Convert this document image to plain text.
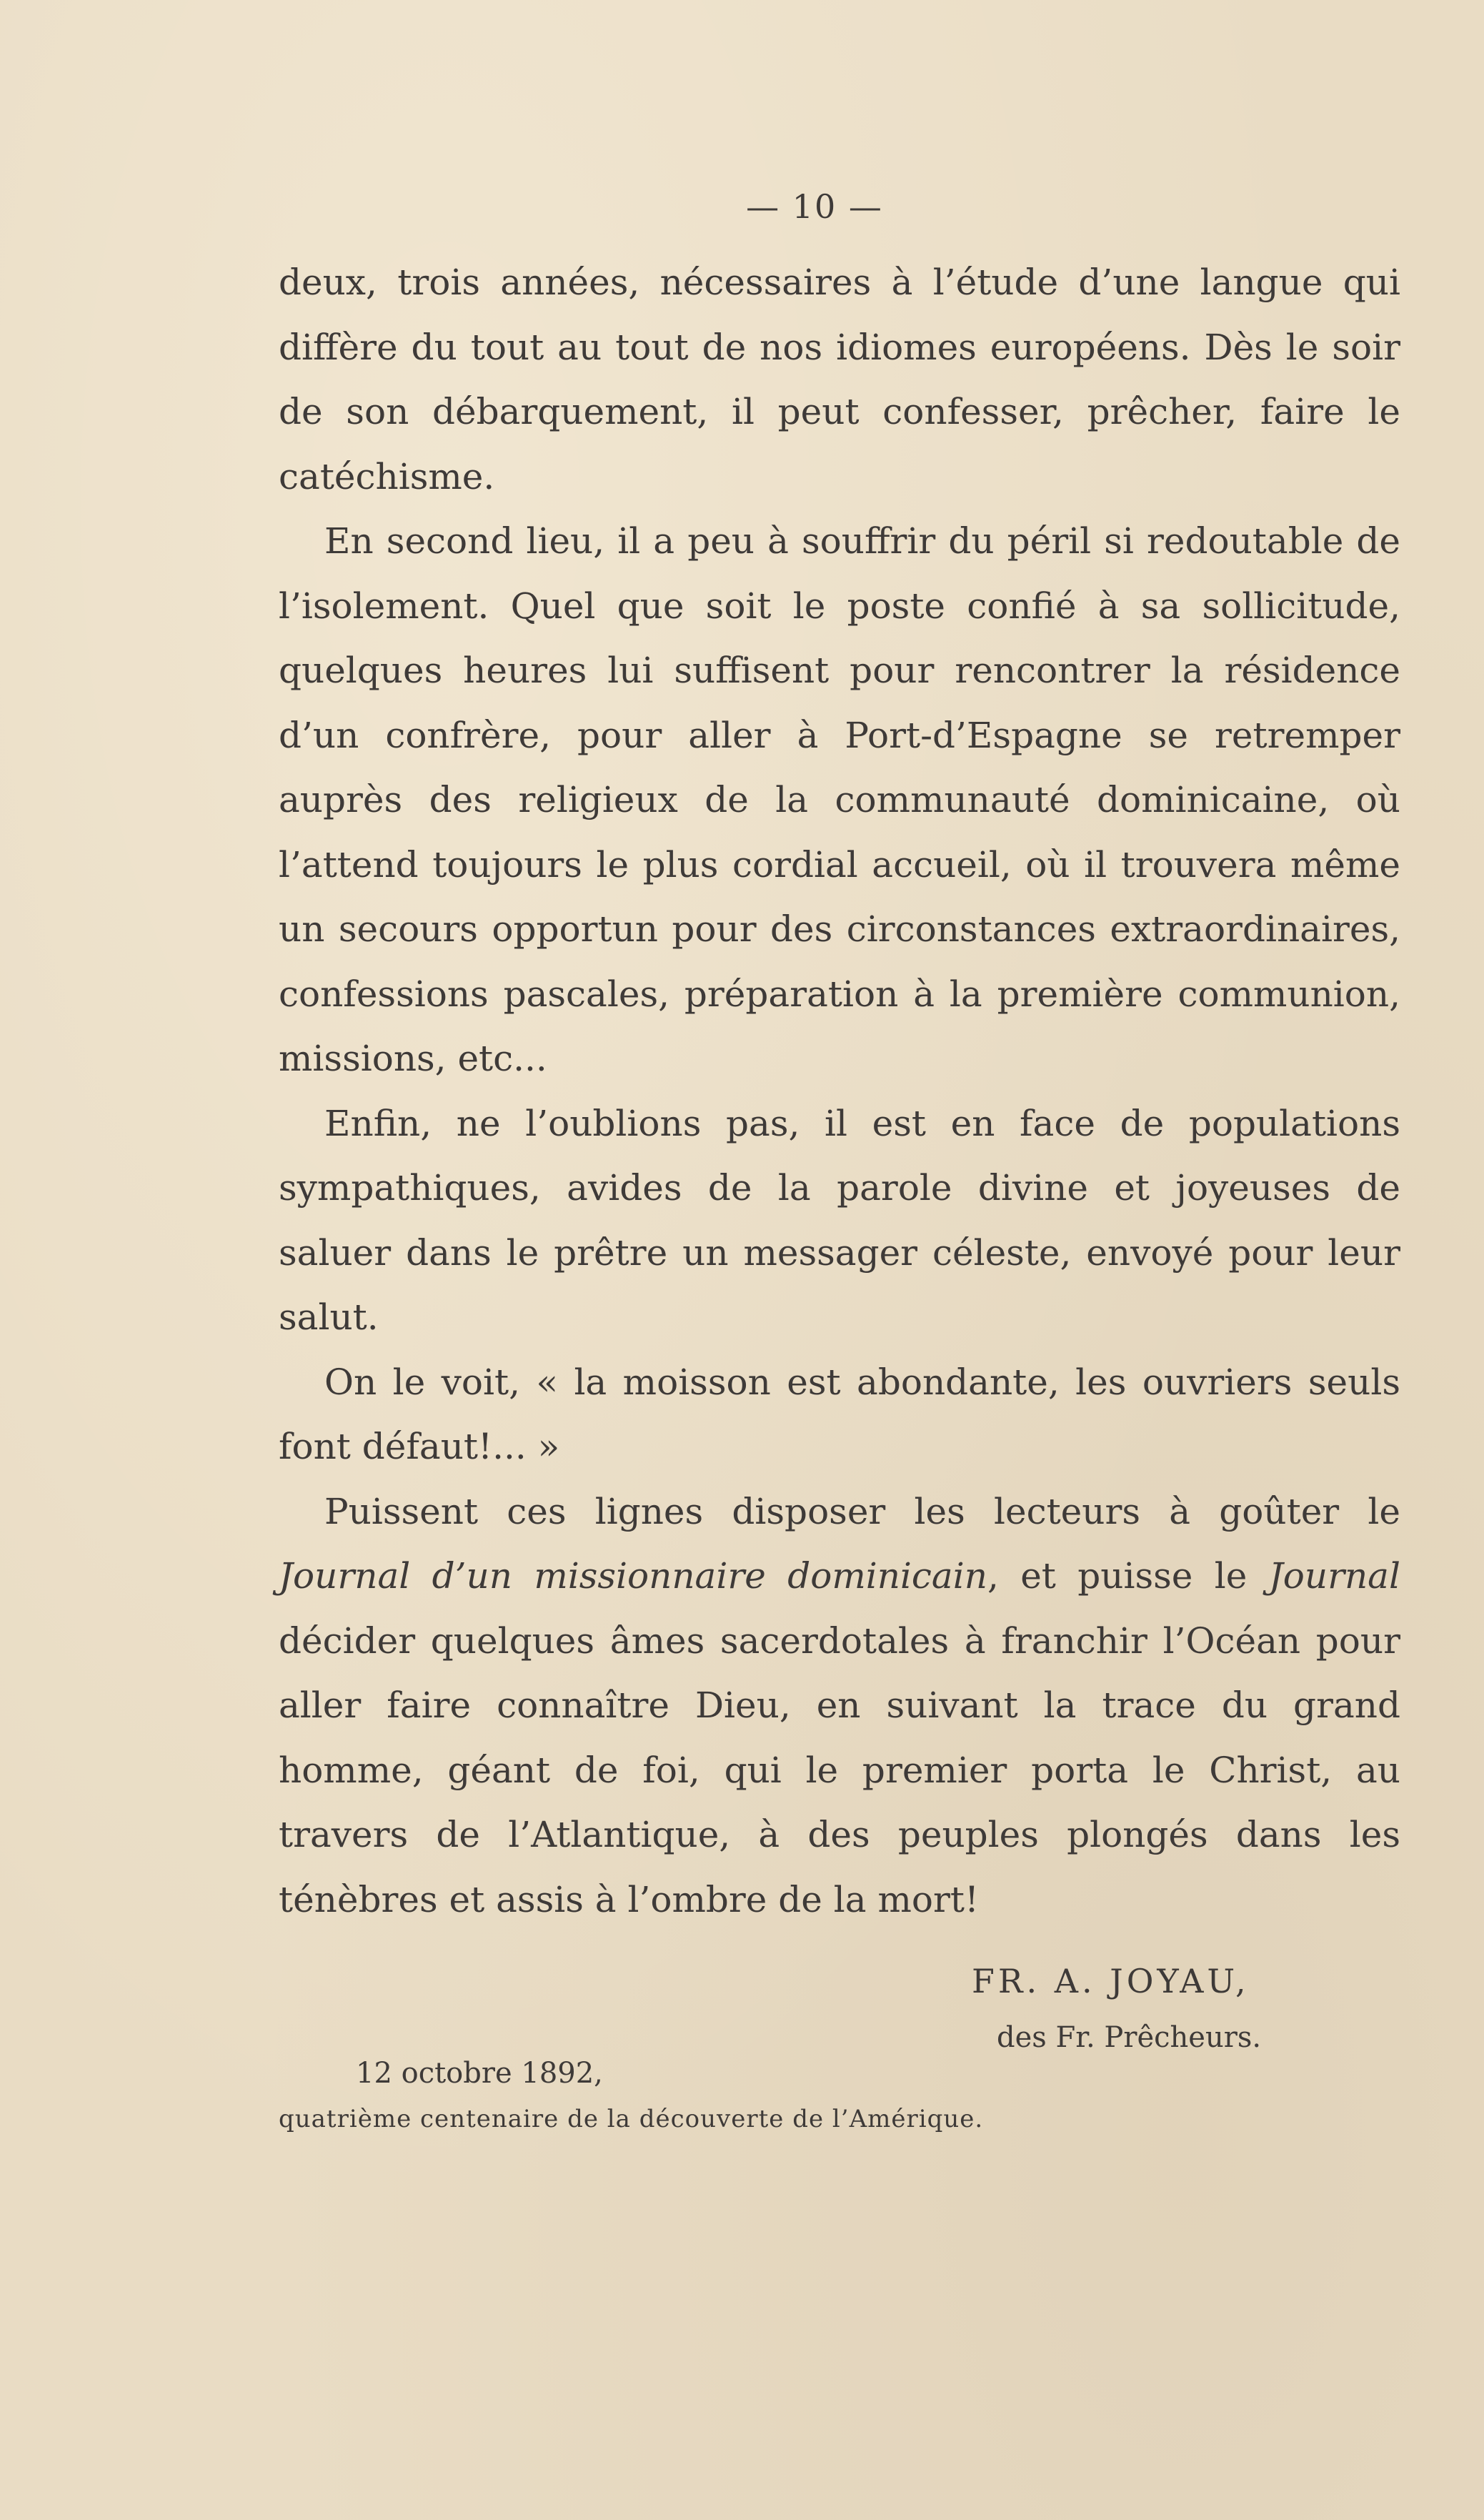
— 10 —

deux, trois années, nécessaires à l’étude d’une langue qui diffère du tout au tout de nos idiomes européens. Dès le soir de son débarquement, il peut confesser, prêcher, faire le catéchisme.

En second lieu, il a peu à souffrir du péril si redoutable de l’isolement. Quel que soit le poste confié à sa sollicitude, quelques heures lui suffisent pour rencontrer la résidence d’un confrère, pour aller à Port-d’Espagne se retremper auprès des religieux de la communauté dominicaine, où l’attend toujours le plus cordial accueil, où il trouvera même un secours opportun pour des circonstances extraordinaires, confessions pascales, préparation à la première communion, missions, etc...

Enfin, ne l’oublions pas, il est en face de populations sympathiques, avides de la parole divine et joyeuses de saluer dans le prêtre un messager céleste, envoyé pour leur salut.

On le voit, « la moisson est abondante, les ouvriers seuls font défaut!... »

Puissent ces lignes disposer les lecteurs à goûter le Journal d’un missionnaire dominicain, et puisse le Journal décider quelques âmes sacerdotales à franchir l’Océan pour aller faire connaître Dieu, en suivant la trace du grand homme, géant de foi, qui le premier porta le Christ, au travers de l’Atlantique, à des peuples plongés dans les ténèbres et assis à l’ombre de la mort!

FR. A. JOYAU,
des Fr. Prêcheurs.
12 octobre 1892,
quatrième centenaire de la découverte de l’Amérique.
